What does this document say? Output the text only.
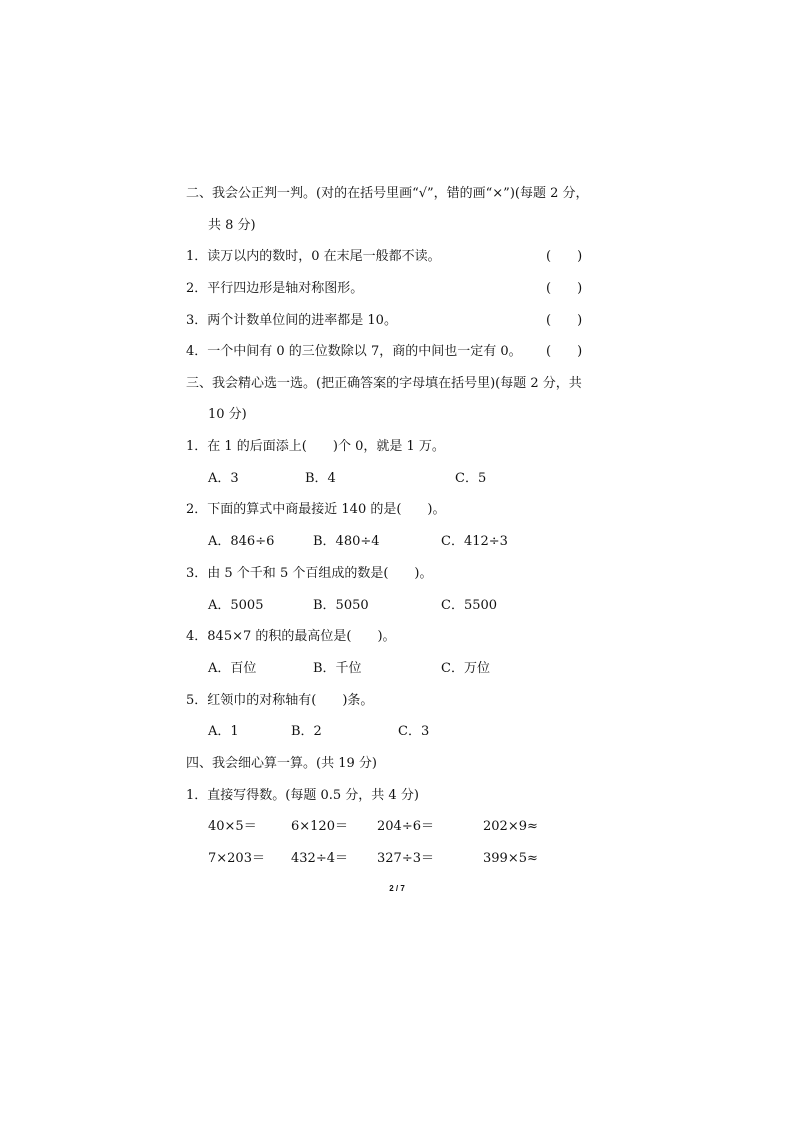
二、我会公正判一判。(对的在括号里画“√”，错的画“×”)(每题 2 分，
共 8 分)
1．读万以内的数时，0 在末尾一般都不读。	(　　)
2．平行四边形是轴对称图形。	(　　)
3．两个计数单位间的进率都是 10。	(　　)
4．一个中间有 0 的三位数除以 7，商的中间也一定有 0。 (　　)
三、我会精心选一选。(把正确答案的字母填在括号里)(每题 2 分，共
10 分)
1．在 1 的后面添上(　　)个 0，就是 1 万。
A．3	B．4	C．5
2．下面的算式中商最接近 140 的是(　　)。
A．846÷6	B．480÷4	C．412÷3
3．由 5 个千和 5 个百组成的数是(　　)。
A．5005	B．5050	C．5500
4．845×7 的积的最高位是(　　)。
A．百位	B．千位	C．万位
5．红领巾的对称轴有(　　)条。
A．1	B．2	C．3
四、我会细心算一算。(共 19 分)
1．直接写得数。(每题 0.5 分，共 4 分)
40×5＝	6×120＝ 204÷6＝	202×9≈
7×203＝ 432÷4＝ 327÷3＝	399×5≈
2 / 7
